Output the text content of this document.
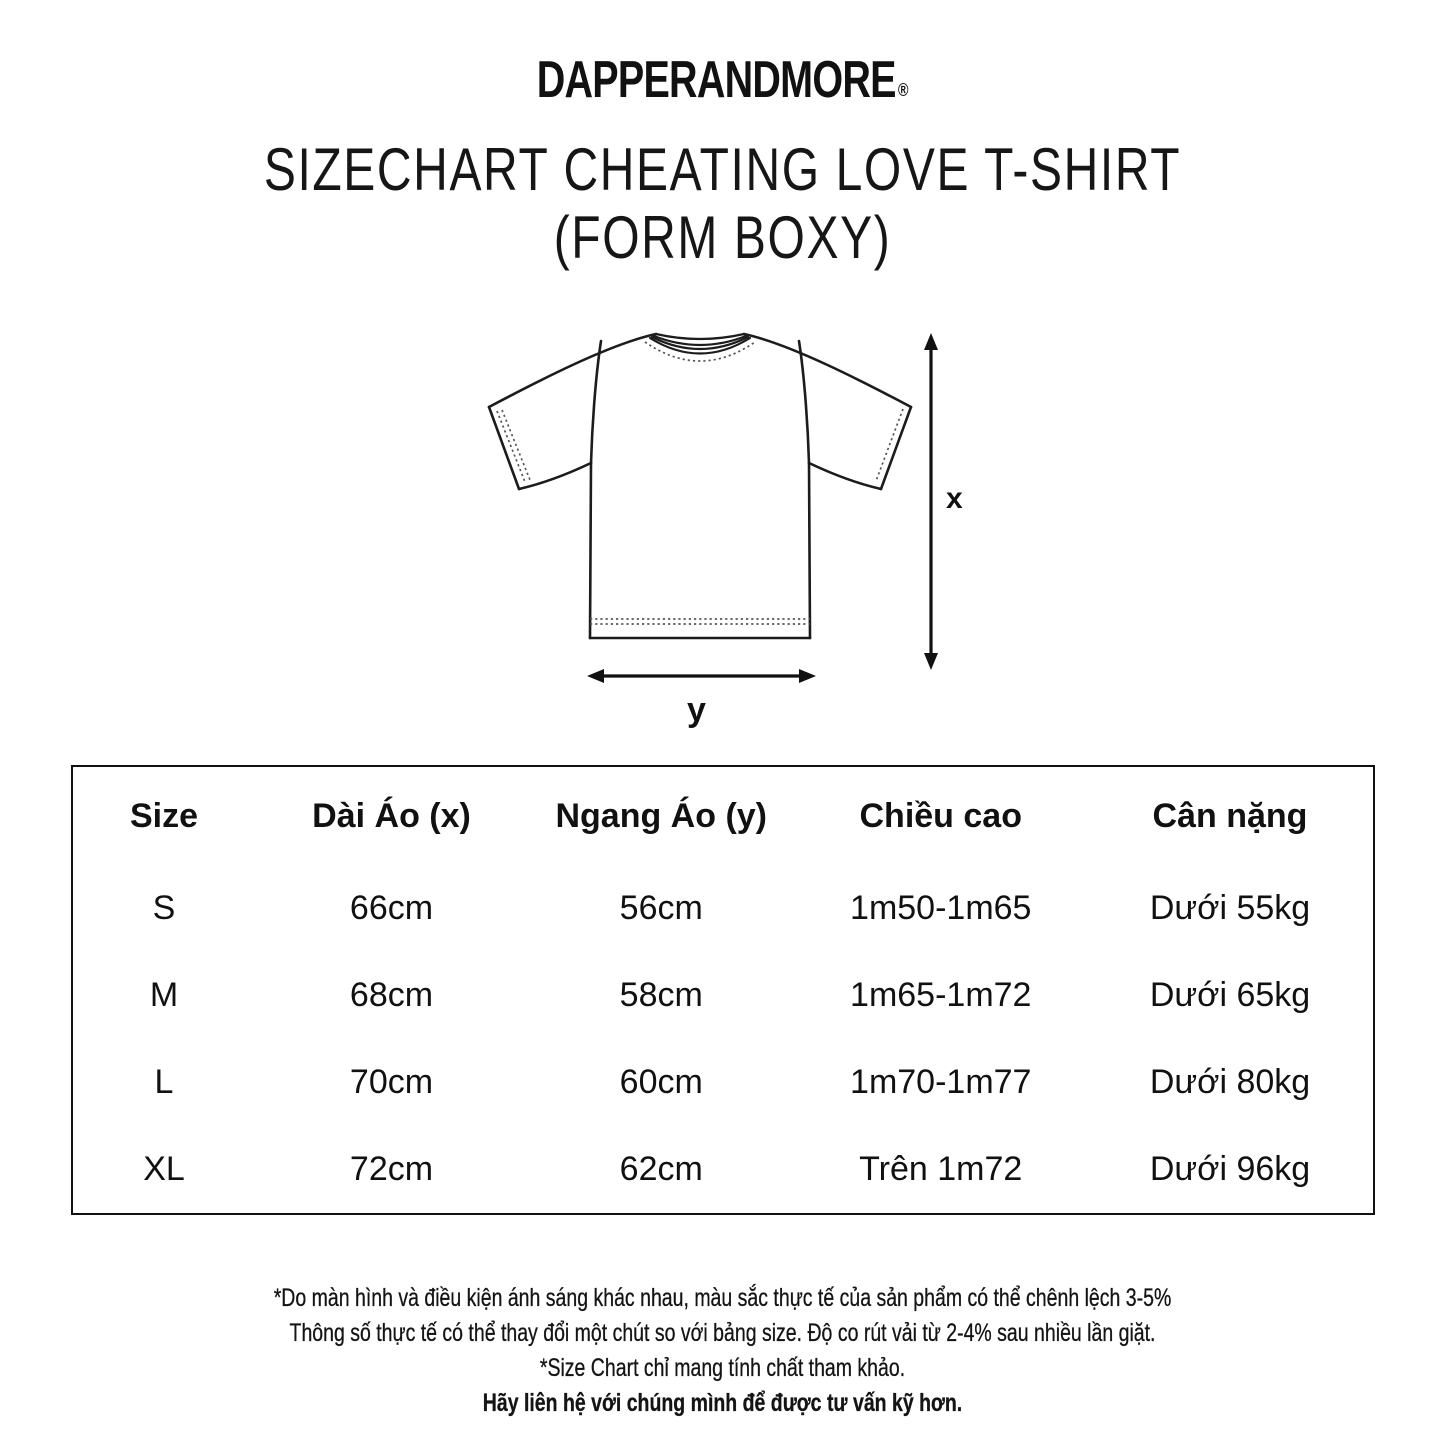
DAPPERANDMORE ®
SIZECHART CHEATING LOVE T-SHIRT
(FORM BOXY)
x
y
Size	Dài Áo (x)	Ngang Áo (y)	Chiều cao	Cân nặng
S	66cm	56cm	1m50-1m65	Dưới 55kg
M	68cm	58cm	1m65-1m72	Dưới 65kg
L	70cm	60cm	1m70-1m77	Dưới 80kg
XL	72cm	62cm	Trên 1m72	Dưới 96kg
*Do màn hình và điều kiện ánh sáng khác nhau, màu sắc thực tế của sản phẩm có thể chênh lệch 3-5%
Thông số thực tế có thể thay đổi một chút so với bảng size. Độ co rút vải từ 2-4% sau nhiều lần giặt.
*Size Chart chỉ mang tính chất tham khảo.
Hãy liên hệ với chúng mình để được tư vấn kỹ hơn.
